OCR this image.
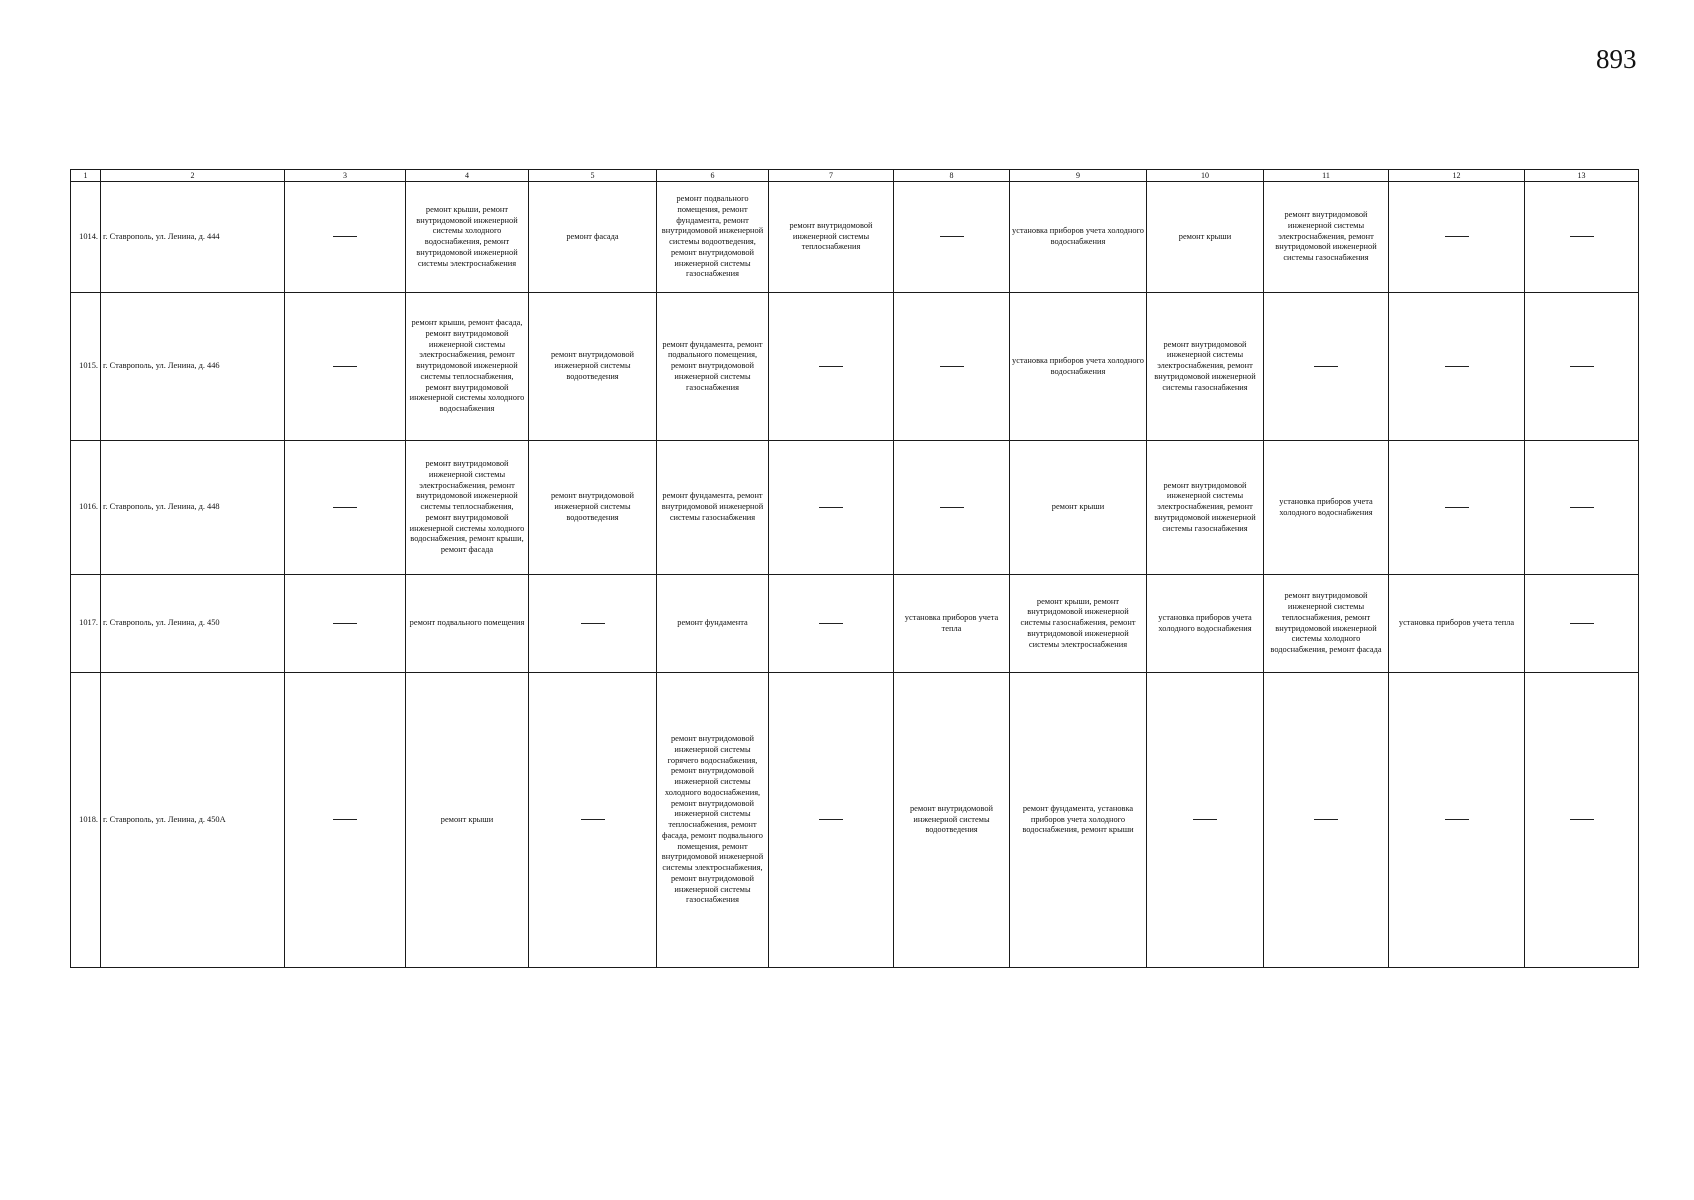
893
1	2	3	4	5	6	7	8	9	10	11	12	13
1014.	г. Ставрополь, ул. Ленина, д. 444		ремонт крыши, ремонт внутридомовой инженерной системы холодного водоснабжения, ремонт внутридомовой инженерной системы электроснабжения	ремонт фасада	ремонт подвального помещения, ремонт фундамента, ремонт внутридомовой инженерной системы водоотведения, ремонт внутридомовой инженерной системы газоснабжения	ремонт внутридомовой инженерной системы теплоснабжения		установка приборов учета холодного водоснабжения	ремонт крыши	ремонт внутридомовой инженерной системы электроснабжения, ремонт внутридомовой инженерной системы газоснабжения		

1015.	г. Ставрополь, ул. Ленина, д. 446		ремонт крыши, ремонт фасада, ремонт внутридомовой инженерной системы электроснабжения, ремонт внутридомовой инженерной системы теплоснабжения, ремонт внутридомовой инженерной системы холодного водоснабжения	ремонт внутридомовой инженерной системы водоотведения	ремонт фундамента, ремонт подвального помещения, ремонт внутридомовой инженерной системы газоснабжения			установка приборов учета холодного водоснабжения	ремонт внутридомовой инженерной системы электроснабжения, ремонт внутридомовой инженерной системы газоснабжения			

1016.	г. Ставрополь, ул. Ленина, д. 448		ремонт внутридомовой инженерной системы электроснабжения, ремонт внутридомовой инженерной системы теплоснабжения, ремонт внутридомовой инженерной системы холодного водоснабжения, ремонт крыши, ремонт фасада	ремонт внутридомовой инженерной системы водоотведения	ремонт фундамента, ремонт внутридомовой инженерной системы газоснабжения			ремонт крыши	ремонт внутридомовой инженерной системы электроснабжения, ремонт внутридомовой инженерной системы газоснабжения	установка приборов учета холодного водоснабжения		

1017.	г. Ставрополь, ул. Ленина, д. 450		ремонт подвального помещения		ремонт фундамента		установка приборов учета тепла	ремонт крыши, ремонт внутридомовой инженерной системы газоснабжения, ремонт внутридомовой инженерной системы электроснабжения	установка приборов учета холодного водоснабжения	ремонт внутридомовой инженерной системы теплоснабжения, ремонт внутридомовой инженерной системы холодного водоснабжения, ремонт фасада	установка приборов учета тепла	

1018.	г. Ставрополь, ул. Ленина, д. 450А		ремонт крыши		ремонт внутридомовой инженерной системы горячего водоснабжения, ремонт внутридомовой инженерной системы холодного водоснабжения, ремонт внутридомовой инженерной системы теплоснабжения, ремонт фасада, ремонт подвального помещения, ремонт внутридомовой инженерной системы электроснабжения, ремонт внутридомовой инженерной системы газоснабжения		ремонт внутридомовой инженерной системы водоотведения	ремонт фундамента, установка приборов учета холодного водоснабжения, ремонт крыши				
